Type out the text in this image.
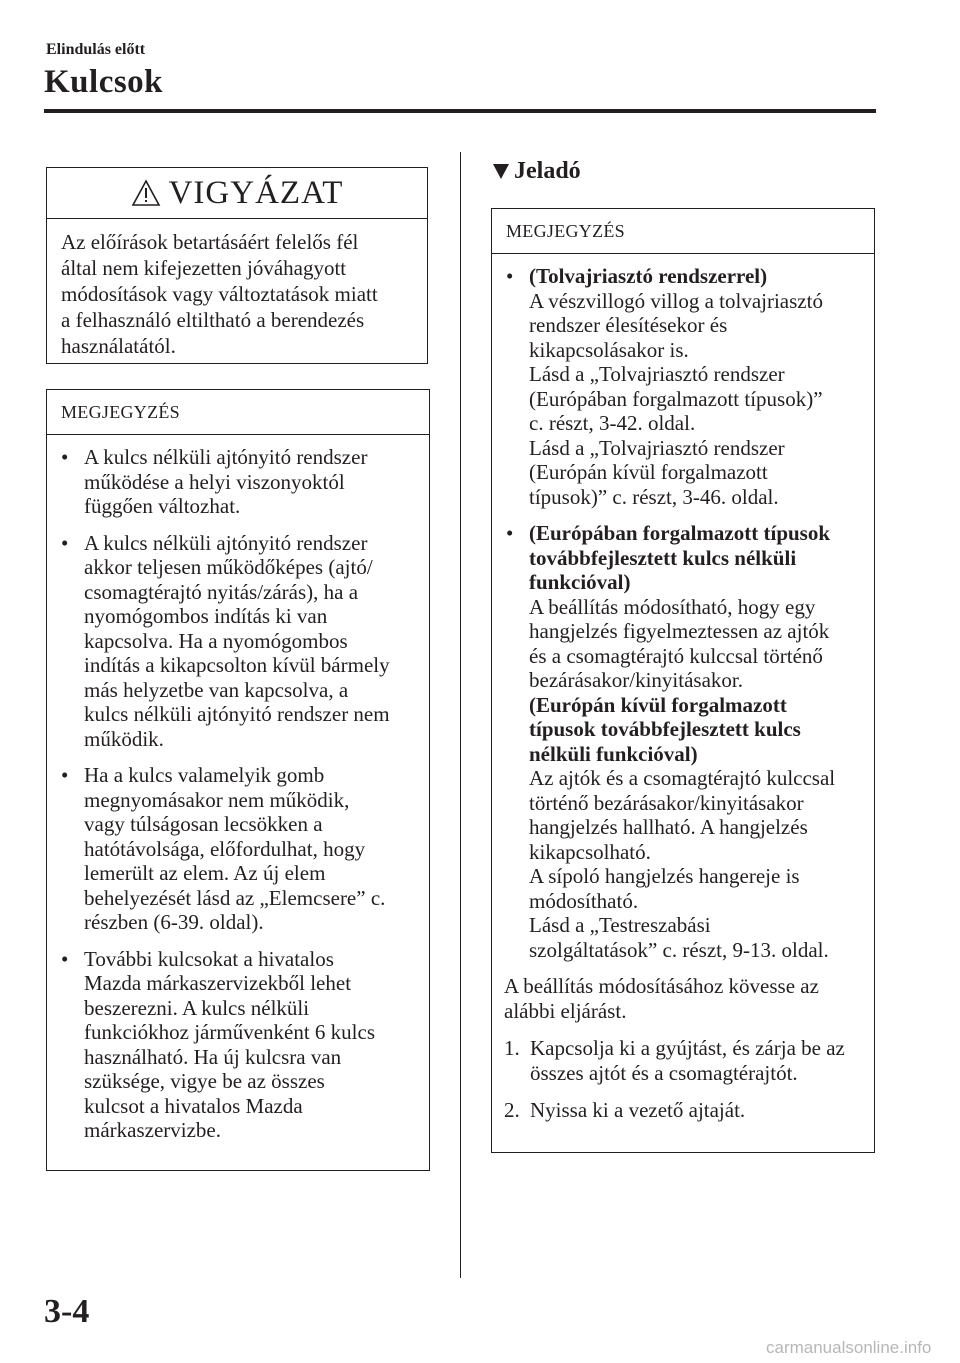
Elindulás előtt
Kulcsok
VIGYÁZAT
Az előírások betartásáért felelős fél
által nem kifejezetten jóváhagyott
módosítások vagy változtatások miatt
a felhasználó eltiltható a berendezés
használatától.
MEGJEGYZÉS
• A kulcs nélküli ajtónyitó rendszer
működése a helyi viszonyoktól
függően változhat.
• A kulcs nélküli ajtónyitó rendszer
akkor teljesen működőképes (ajtó/
csomagtérajtó nyitás/zárás), ha a
nyomógombos indítás ki van
kapcsolva. Ha a nyomógombos
indítás a kikapcsolton kívül bármely
más helyzetbe van kapcsolva, a
kulcs nélküli ajtónyitó rendszer nem
működik.
• Ha a kulcs valamelyik gomb
megnyomásakor nem működik,
vagy túlságosan lecsökken a
hatótávolsága, előfordulhat, hogy
lemerült az elem. Az új elem
behelyezését lásd az „Elemcsere” c.
részben (6-39. oldal).
• További kulcsokat a hivatalos
Mazda márkaszervizekből lehet
beszerezni. A kulcs nélküli
funkciókhoz járművenként 6 kulcs
használható. Ha új kulcsra van
szüksége, vigye be az összes
kulcsot a hivatalos Mazda
márkaszervizbe.
Jeladó
MEGJEGYZÉS
• (Tolvajriasztó rendszerrel)
A vészvillogó villog a tolvajriasztó
rendszer élesítésekor és
kikapcsolásakor is.
Lásd a „Tolvajriasztó rendszer
(Európában forgalmazott típusok)”
c. részt, 3-42. oldal.
Lásd a „Tolvajriasztó rendszer
(Európán kívül forgalmazott
típusok)” c. részt, 3-46. oldal.
• (Európában forgalmazott típusok
továbbfejlesztett kulcs nélküli
funkcióval)
A beállítás módosítható, hogy egy
hangjelzés figyelmeztessen az ajtók
és a csomagtérajtó kulccsal történő
bezárásakor/kinyitásakor.
(Európán kívül forgalmazott
típusok továbbfejlesztett kulcs
nélküli funkcióval)
Az ajtók és a csomagtérajtó kulccsal
történő bezárásakor/kinyitásakor
hangjelzés hallható. A hangjelzés
kikapcsolható.
A sípoló hangjelzés hangereje is
módosítható.
Lásd a „Testreszabási
szolgáltatások” c. részt, 9-13. oldal.
A beállítás módosításához kövesse az
alábbi eljárást.
1. Kapcsolja ki a gyújtást, és zárja be az
összes ajtót és a csomagtérajtót.
2. Nyissa ki a vezető ajtaját.
3-4
carmanualsonline.info
